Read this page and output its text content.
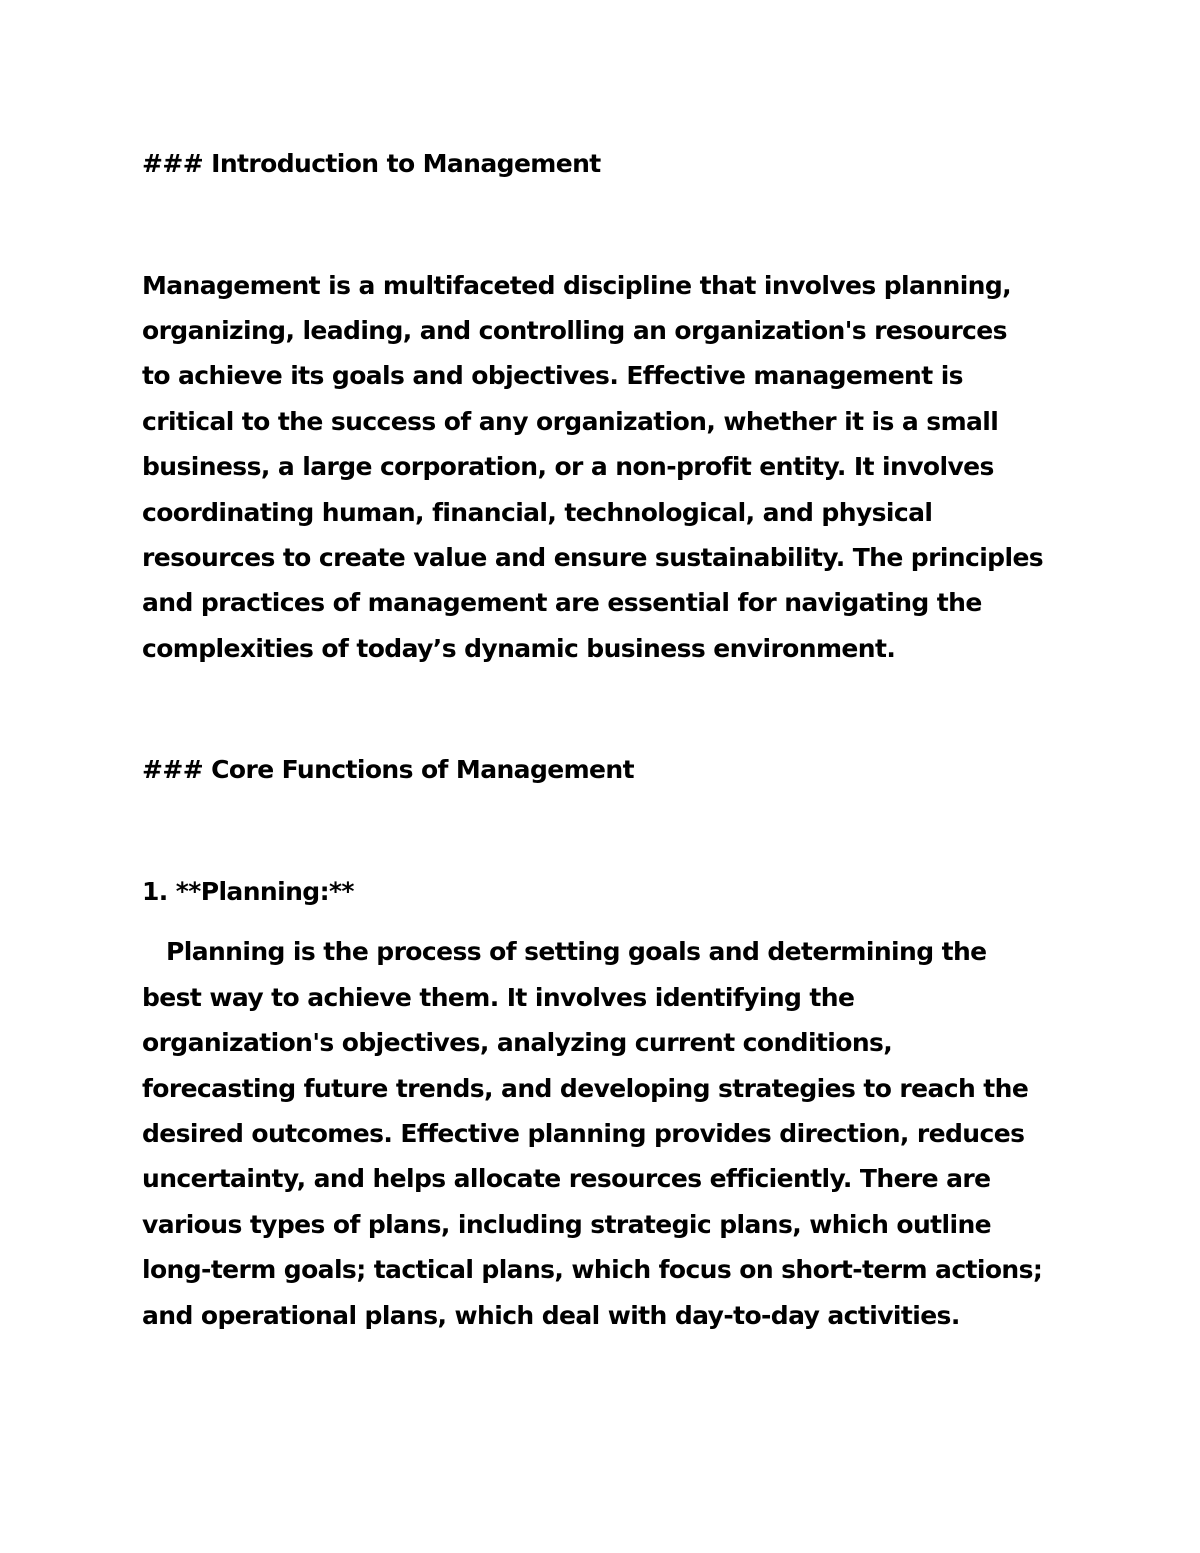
### Introduction to Management

Management is a multifaceted discipline that involves planning,

organizing, leading, and controlling an organization's resources

to achieve its goals and objectives. Effective management is

critical to the success of any organization, whether it is a small

business, a large corporation, or a non-profit entity. It involves

coordinating human, financial, technological, and physical

resources to create value and ensure sustainability. The principles

and practices of management are essential for navigating the

complexities of today’s dynamic business environment.

### Core Functions of Management

1. **Planning:**

Planning is the process of setting goals and determining the

best way to achieve them. It involves identifying the

organization's objectives, analyzing current conditions,

forecasting future trends, and developing strategies to reach the

desired outcomes. Effective planning provides direction, reduces

uncertainty, and helps allocate resources efficiently. There are

various types of plans, including strategic plans, which outline

long-term goals; tactical plans, which focus on short-term actions;

and operational plans, which deal with day-to-day activities.
